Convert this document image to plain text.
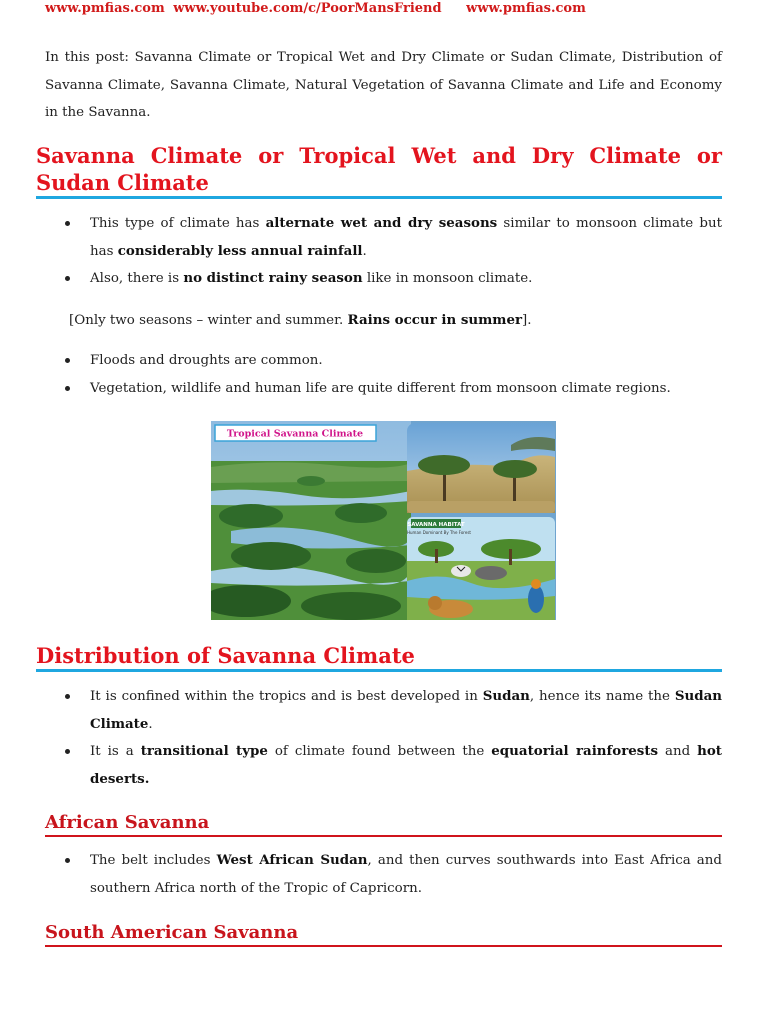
www.pmfias.com www.youtube.com/c/PoorMansFriend www.pmfias.com
In this post: Savanna Climate or Tropical Wet and Dry Climate or Sudan Climate, Distribution of Savanna Climate, Savanna Climate, Natural Vegetation of Savanna Climate and Life and Economy in the Savanna.
Savanna Climate or Tropical Wet and Dry Climate or Sudan Climate
This type of climate has alternate wet and dry seasons similar to monsoon climate but has considerably less annual rainfall.
Also, there is no distinct rainy season like in monsoon climate.
[Only two seasons – winter and summer. Rains occur in summer].
Floods and droughts are common.
Vegetation, wildlife and human life are quite different from monsoon climate regions.
Tropical Savanna Climate
SAVANNA HABITAT
Human Dominant By The Forest
Distribution of Savanna Climate
It is confined within the tropics and is best developed in Sudan, hence its name the Sudan Climate.
It is a transitional type of climate found between the equatorial rainforests and hot deserts.
African Savanna
The belt includes West African Sudan, and then curves southwards into East Africa and southern Africa north of the Tropic of Capricorn.
South American Savanna
